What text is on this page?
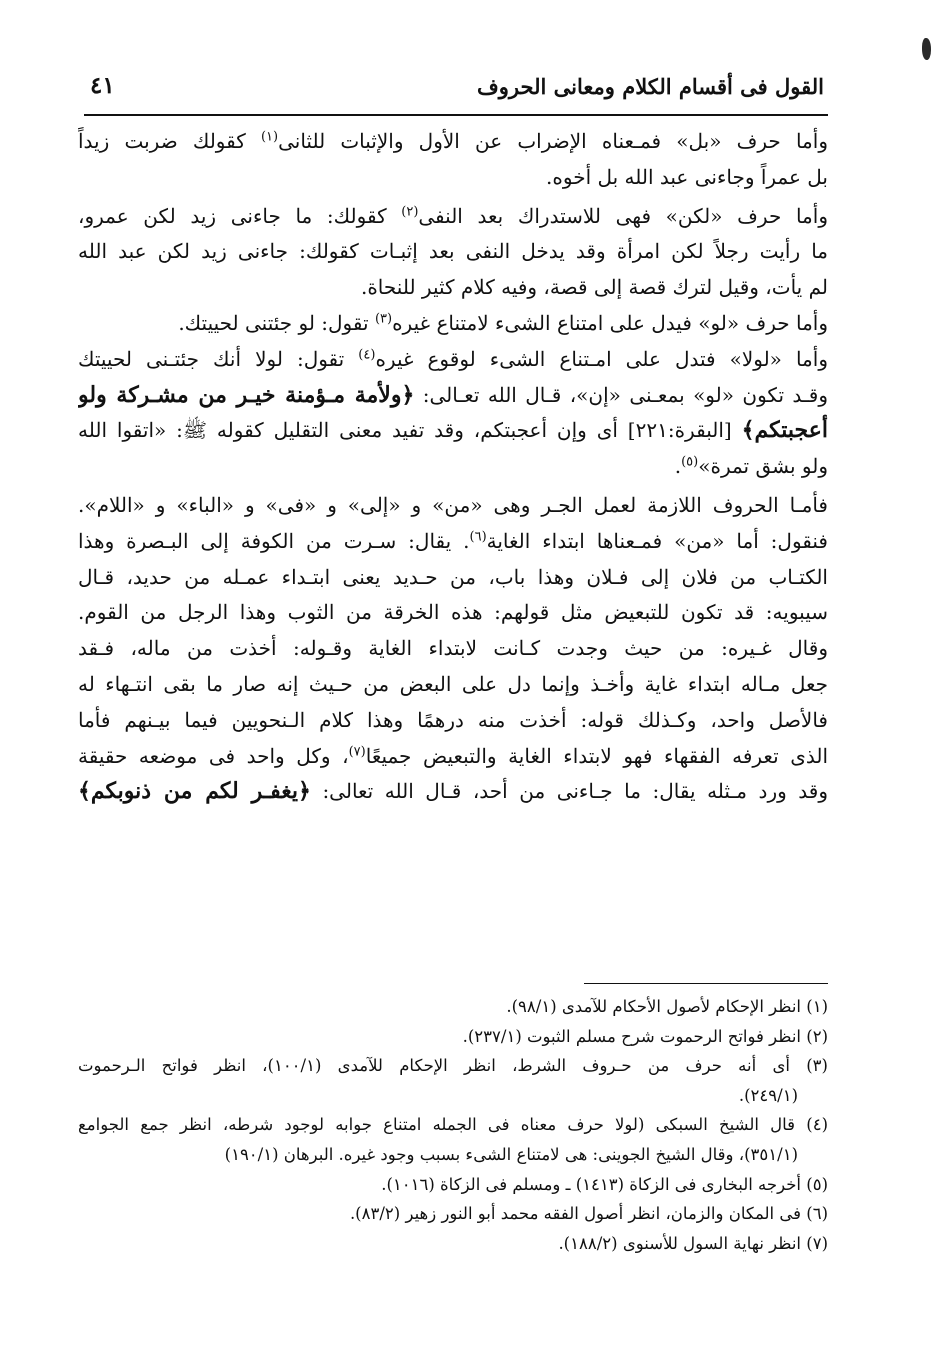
القول فى أقسام الكلام ومعانى الحروف
٤١
وأما حرف «بل» فمـعناه الإضراب عن الأول والإثبات للثانى$^{(١)}$ كقولك ضربت زيداً
بل عمراً وجاءنى عبد الله بل أخوه.
وأما حرف «لكن» فهى للاستدراك بعد النفى$^{(٢)}$ كقولك: ما جاءنى زيد لكن عمرو،
ما رأيت رجلاً لكن امرأة وقد يدخل النفى بعد إثبـات كقولك: جاءنى زيد لكن عبد الله
لم يأت، وقيل لترك قصة إلى قصة، وفيه كلام كثير للنحاة.
وأما حرف «لو» فيدل على امتناع الشىء لامتناع غيره$^{(٣)}$ تقول: لو جئتنى لحييتك.
وأما «لولا» فتدل على امـتناع الشىء لوقوع غيره$^{(٤)}$ تقول: لولا أنك جئتـنى لحييتك
وقـد تكون «لو» بمعـنى «إن»، قـال الله تعـالى: ﴿ولأمة مـؤمنة خيـر من مشـركة ولو
أعجبتكم﴾ [البقرة:٢٢١] أى وإن أعجبتكم، وقد تفيد معنى التقليل كقوله ﷺ: «اتقوا الله
ولو بشق تمرة»$^{(٥)}$.
فأمـا الحروف اللازمة لعمل الجـر وهى «من» و «إلى» و «فى» و «الباء» و «اللام».
فنقول: أما «من» فمـعناها ابتداء الغاية$^{(٦)}$. يقال: سـرت من الكوفة إلى البـصرة وهذا
الكتـاب من فلان إلى فـلان وهذا باب، من حـديد يعنى ابتـداء عمـله من حديد، قـال
سيبويه: قد تكون للتبعيض مثل قولهم: هذه الخرقة من الثوب وهذا الرجل من القوم.
وقال غـيره: من حيث وجدت كـانت لابتداء الغاية وقـوله: أخذت من ماله، فـقد
جعل مـاله ابتداء غاية وأخـذ وإنما دل على البعض من حـيث إنه صار ما بقى انتـهاء له
فالأصل واحد، وكـذلك قوله: أخذت منه درهمًا وهذا كلام الـنحويين فيما بيـنهم فأما
الذى تعرفه الفقهاء فهو لابتداء الغاية والتبعيض جميعًا$^{(٧)}$، وكل واحد فى موضعه حقيقة
وقد ورد مـثله يقال: ما جـاءنى من أحد، قـال الله تعالى: ﴿يغفـر لكم من ذنوبكم﴾
(١) انظر الإحكام لأصول الأحكام للآمدى (٩٨/١).
(٢) انظر فواتح الرحموت شرح مسلم الثبوت (٢٣٧/١).
(٣) أى أنه حرف من حـروف الشرط، انظر الإحكام للآمدى (١٠٠/١)، انظر فواتح الـرحموت
(٢٤٩/١).
(٤) قال الشيخ السبكى (لولا حرف معناه فى الجمله امتناع جوابه لوجود شرطه، انظر جمع الجوامع
(٣٥١/١)، وقال الشيخ الجوينى: هى لامتناع الشىء بسبب وجود غيره. البرهان (١٩٠/١)
(٥) أخرجه البخارى فى الزكاة (١٤١٣) ـ ومسلم فى الزكاة (١٠١٦).
(٦) فى المكان والزمان، انظر أصول الفقه محمد أبو النور زهير (٨٣/٢).
(٧) انظر نهاية السول للأسنوى (١٨٨/٢).
